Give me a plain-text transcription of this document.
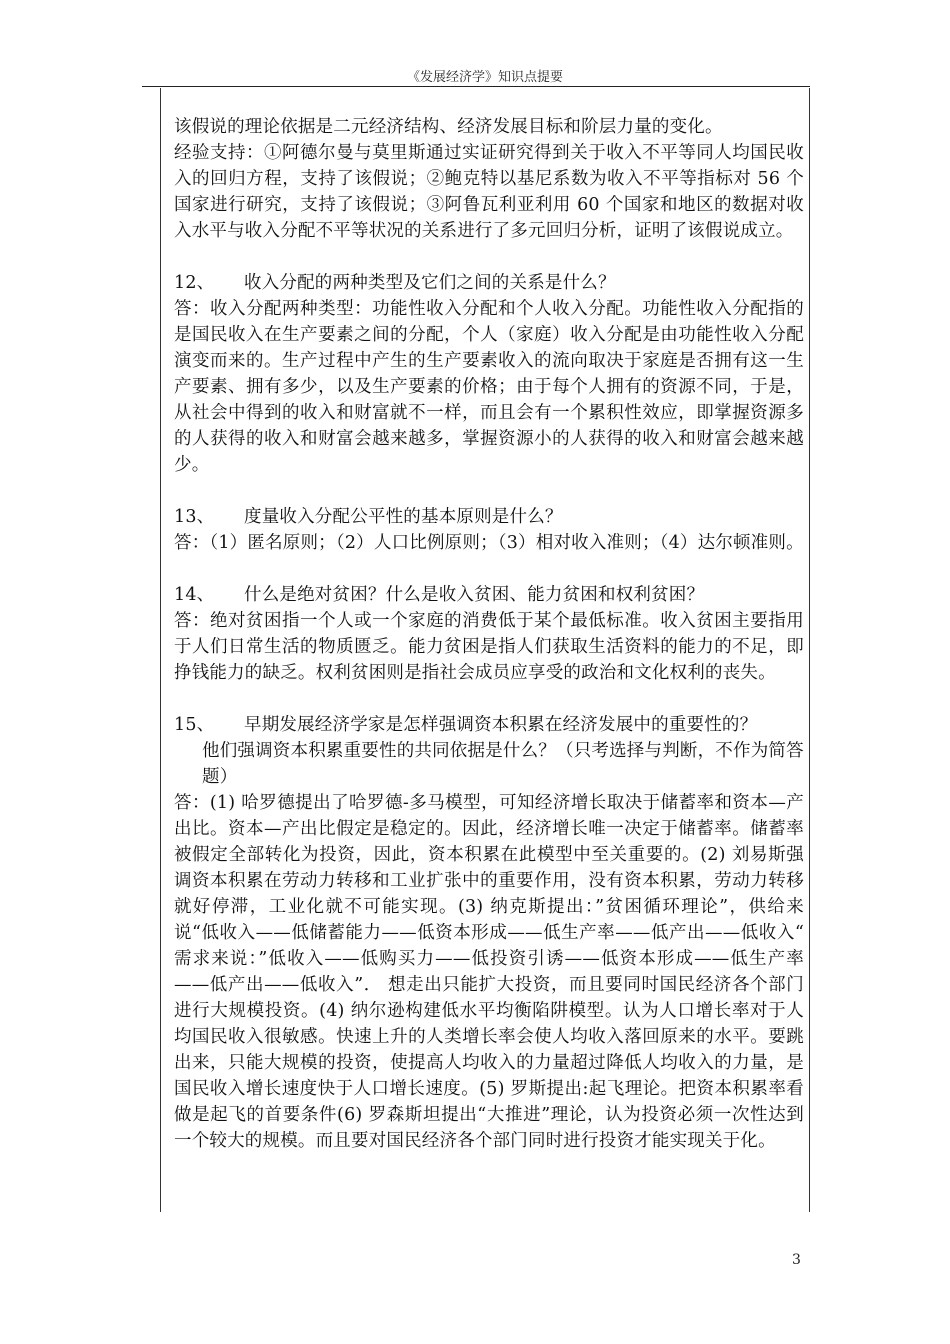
《发展经济学》知识点提要

该假说的理论依据是二元经济结构、经济发展目标和阶层力量的变化。

经验支持：①阿德尔曼与莫里斯通过实证研究得到关于收入不平等同人均国民收入的回归方程，支持了该假说；②鲍克特以基尼系数为收入不平等指标对 56 个国家进行研究，支持了该假说；③阿鲁瓦利亚利用 60 个国家和地区的数据对收入水平与收入分配不平等状况的关系进行了多元回归分析，证明了该假说成立。

12、 收入分配的两种类型及它们之间的关系是什么？

答：收入分配两种类型：功能性收入分配和个人收入分配。功能性收入分配指的是国民收入在生产要素之间的分配，个人（家庭）收入分配是由功能性收入分配演变而来的。生产过程中产生的生产要素收入的流向取决于家庭是否拥有这一生产要素、拥有多少，以及生产要素的价格；由于每个人拥有的资源不同，于是，从社会中得到的收入和财富就不一样，而且会有一个累积性效应，即掌握资源多的人获得的收入和财富会越来越多，掌握资源小的人获得的收入和财富会越来越少。

13、 度量收入分配公平性的基本原则是什么？

答：（1）匿名原则；（2）人口比例原则；（3）相对收入准则；（4）达尔顿准则。

14、 什么是绝对贫困？什么是收入贫困、能力贫困和权利贫困？

答：绝对贫困指一个人或一个家庭的消费低于某个最低标准。收入贫困主要指用于人们日常生活的物质匮乏。能力贫困是指人们获取生活资料的能力的不足，即挣钱能力的缺乏。权利贫困则是指社会成员应享受的政治和文化权利的丧失。

15、 早期发展经济学家是怎样强调资本积累在经济发展中的重要性的？

他们强调资本积累重要性的共同依据是什么？（只考选择与判断，不作为简答题）

答：(1) 哈罗德提出了哈罗德-多马模型，可知经济增长取决于储蓄率和资本—产出比。资本—产出比假定是稳定的。因此，经济增长唯一决定于储蓄率。储蓄率被假定全部转化为投资，因此，资本积累在此模型中至关重要的。(2) 刘易斯强调资本积累在劳动力转移和工业扩张中的重要作用，没有资本积累，劳动力转移就好停滞，工业化就不可能实现。(3) 纳克斯提出：”贫困循环理论”，供给来说“低收入——低储蓄能力——低资本形成——低生产率——低产出——低收入“ 需求来说：”低收入——低购买力——低投资引诱——低资本形成——低生产率——低产出——低收入”． 想走出只能扩大投资，而且要同时国民经济各个部门进行大规模投资。(4) 纳尔逊构建低水平均衡陷阱模型。认为人口增长率对于人均国民收入很敏感。快速上升的人类增长率会使人均收入落回原来的水平。要跳出来，只能大规模的投资，使提高人均收入的力量超过降低人均收入的力量，是国民收入增长速度快于人口增长速度。(5) 罗斯提出:起飞理论。把资本积累率看做是起飞的首要条件(6) 罗森斯坦提出“大推进”理论，认为投资必须一次性达到一个较大的规模。而且要对国民经济各个部门同时进行投资才能实现关于化。

3
